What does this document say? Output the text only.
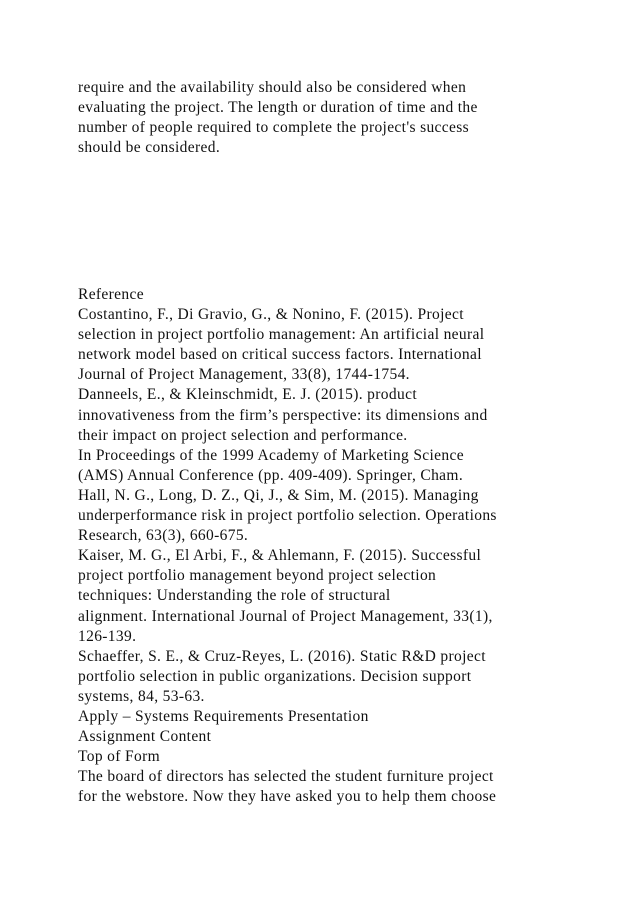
require and the availability should also be considered when
evaluating the project. The length or duration of time and the
number of people required to complete the project's success
should be considered.
Reference
Costantino, F., Di Gravio, G., & Nonino, F. (2015). Project
selection in project portfolio management: An artificial neural
network model based on critical success factors. International
Journal of Project Management, 33(8), 1744-1754.
Danneels, E., & Kleinschmidt, E. J. (2015). product
innovativeness from the firm’s perspective: its dimensions and
their impact on project selection and performance.
In Proceedings of the 1999 Academy of Marketing Science
(AMS) Annual Conference (pp. 409-409). Springer, Cham.
Hall, N. G., Long, D. Z., Qi, J., & Sim, M. (2015). Managing
underperformance risk in project portfolio selection. Operations
Research, 63(3), 660-675.
Kaiser, M. G., El Arbi, F., & Ahlemann, F. (2015). Successful
project portfolio management beyond project selection
techniques: Understanding the role of structural
alignment. International Journal of Project Management, 33(1),
126-139.
Schaeffer, S. E., & Cruz-Reyes, L. (2016). Static R&D project
portfolio selection in public organizations. Decision support
systems, 84, 53-63.
Apply – Systems Requirements Presentation
Assignment Content
Top of Form
The board of directors has selected the student furniture project
for the webstore. Now they have asked you to help them choose
